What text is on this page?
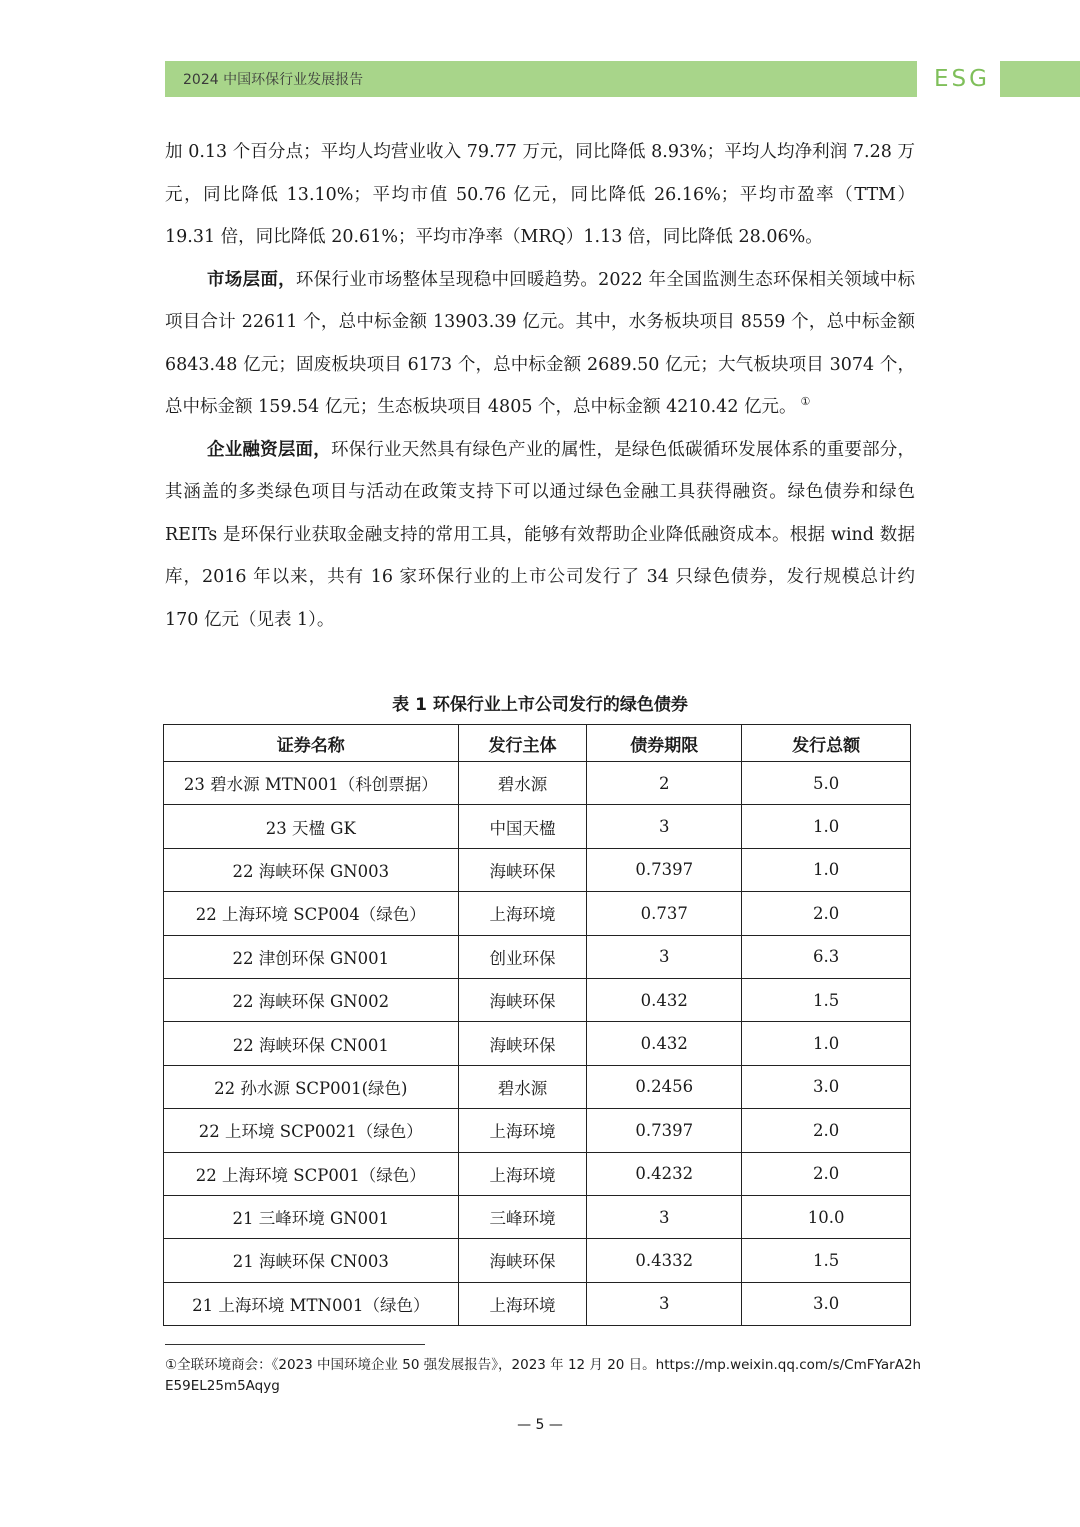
2024 中国环保行业发展报告	ESG

加 0.13 个百分点；平均人均营业收入 79.77 万元，同比降低 8.93%；平均人均净利润 7.28 万元，同比降低 13.10%；平均市值 50.76 亿元，同比降低 26.16%；平均市盈率（TTM）19.31 倍，同比降低 20.61%；平均市净率（MRQ）1.13 倍，同比降低 28.06%。

市场层面，环保行业市场整体呈现稳中回暖趋势。2022 年全国监测生态环保相关领域中标项目合计 22611 个，总中标金额 13903.39 亿元。其中，水务板块项目 8559 个，总中标金额 6843.48 亿元；固废板块项目 6173 个，总中标金额 2689.50 亿元；大气板块项目 3074 个，总中标金额 159.54 亿元；生态板块项目 4805 个，总中标金额 4210.42 亿元。 ①

企业融资层面，环保行业天然具有绿色产业的属性，是绿色低碳循环发展体系的重要部分，其涵盖的多类绿色项目与活动在政策支持下可以通过绿色金融工具获得融资。绿色债券和绿色 REITs 是环保行业获取金融支持的常用工具，能够有效帮助企业降低融资成本。根据 wind 数据库，2016 年以来，共有 16 家环保行业的上市公司发行了 34 只绿色债券，发行规模总计约 170 亿元（见表 1）。

表 1 环保行业上市公司发行的绿色债券
证券名称	发行主体	债券期限	发行总额
23 碧水源 MTN001（科创票据）	碧水源	2	5.0
23 天楹 GK	中国天楹	3	1.0
22 海峡环保 GN003	海峡环保	0.7397	1.0
22 上海环境 SCP004（绿色）	上海环境	0.737	2.0
22 津创环保 GN001	创业环保	3	6.3
22 海峡环保 GN002	海峡环保	0.432	1.5
22 海峡环保 CN001	海峡环保	0.432	1.0
22 孙水源 SCP001(绿色)	碧水源	0.2456	3.0
22 上环境 SCP0021（绿色）	上海环境	0.7397	2.0
22 上海环境 SCP001（绿色）	上海环境	0.4232	2.0
21 三峰环境 GN001	三峰环境	3	10.0
21 海峡环保 CN003	海峡环保	0.4332	1.5
21 上海环境 MTN001（绿色）	上海环境	3	3.0
①全联环境商会：《2023 中国环境企业 50 强发展报告》，2023 年 12 月 20 日。https://mp.weixin.qq.com/s/CmFYarA2hE59EL25m5Aqyg
— 5 —
